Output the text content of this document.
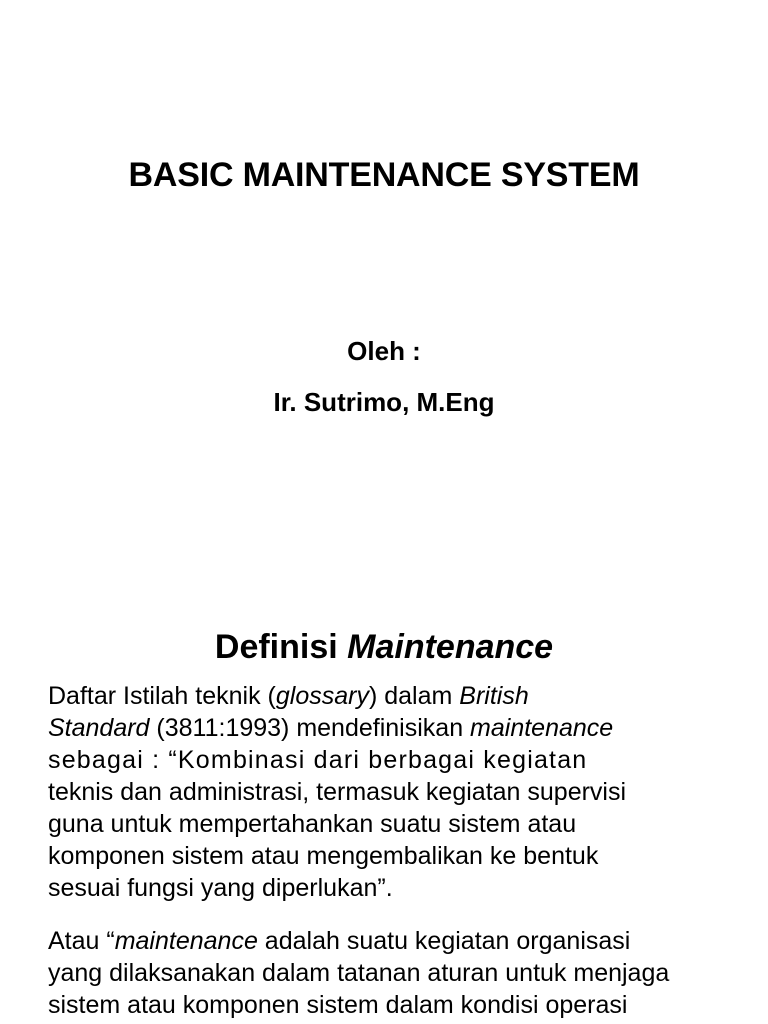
BASIC MAINTENANCE SYSTEM
Oleh :
Ir. Sutrimo, M.Eng
Definisi Maintenance
Daftar Istilah teknik (glossary) dalam British
Standard (3811:1993) mendefinisikan maintenance
sebagai : “Kombinasi dari berbagai kegiatan
teknis dan administrasi, termasuk kegiatan supervisi
guna untuk mempertahankan suatu sistem atau
komponen sistem atau mengembalikan ke bentuk
sesuai fungsi yang diperlukan”.
Atau “maintenance adalah suatu kegiatan organisasi
yang dilaksanakan dalam tatanan aturan untuk menjaga
sistem atau komponen sistem dalam kondisi operasi
